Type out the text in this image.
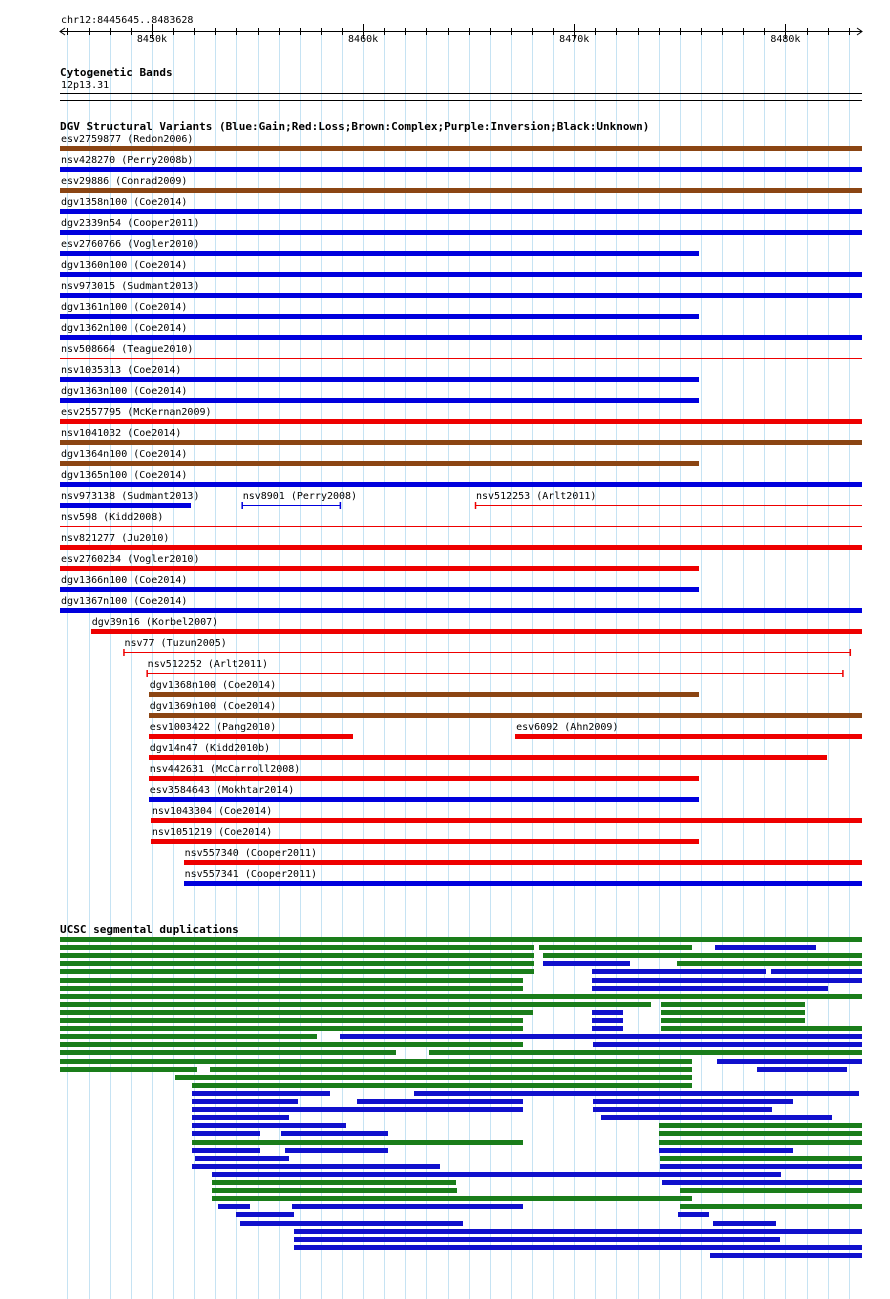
chr12:8445645..8483628
8450k	8460k	8470k	8480k
Cytogenetic Bands
12p13.31
DGV Structural Variants (Blue:Gain;Red:Loss;Brown:Complex;Purple:Inversion;Black:Unknown)
esv2759877 (Redon2006)
nsv428270 (Perry2008b)
esv29886 (Conrad2009)
dgv1358n100 (Coe2014)
dgv2339n54 (Cooper2011)
esv2760766 (Vogler2010)
dgv1360n100 (Coe2014)
nsv973015 (Sudmant2013)
dgv1361n100 (Coe2014)
dgv1362n100 (Coe2014)
nsv508664 (Teague2010)
nsv1035313 (Coe2014)
dgv1363n100 (Coe2014)
esv2557795 (McKernan2009)
nsv1041032 (Coe2014)
dgv1364n100 (Coe2014)
dgv1365n100 (Coe2014)
nsv973138 (Sudmant2013)	nsv8901 (Perry2008)	nsv512253 (Arlt2011)
nsv598 (Kidd2008)
nsv821277 (Ju2010)
esv2760234 (Vogler2010)
dgv1366n100 (Coe2014)
dgv1367n100 (Coe2014)
dgv39n16 (Korbel2007)
nsv77 (Tuzun2005)
nsv512252 (Arlt2011)
dgv1368n100 (Coe2014)
dgv1369n100 (Coe2014)
esv1003422 (Pang2010)	esv6092 (Ahn2009)
dgv14n47 (Kidd2010b)
nsv442631 (McCarroll2008)
esv3584643 (Mokhtar2014)
nsv1043304 (Coe2014)
nsv1051219 (Coe2014)
nsv557340 (Cooper2011)
nsv557341 (Cooper2011)
UCSC segmental duplications
